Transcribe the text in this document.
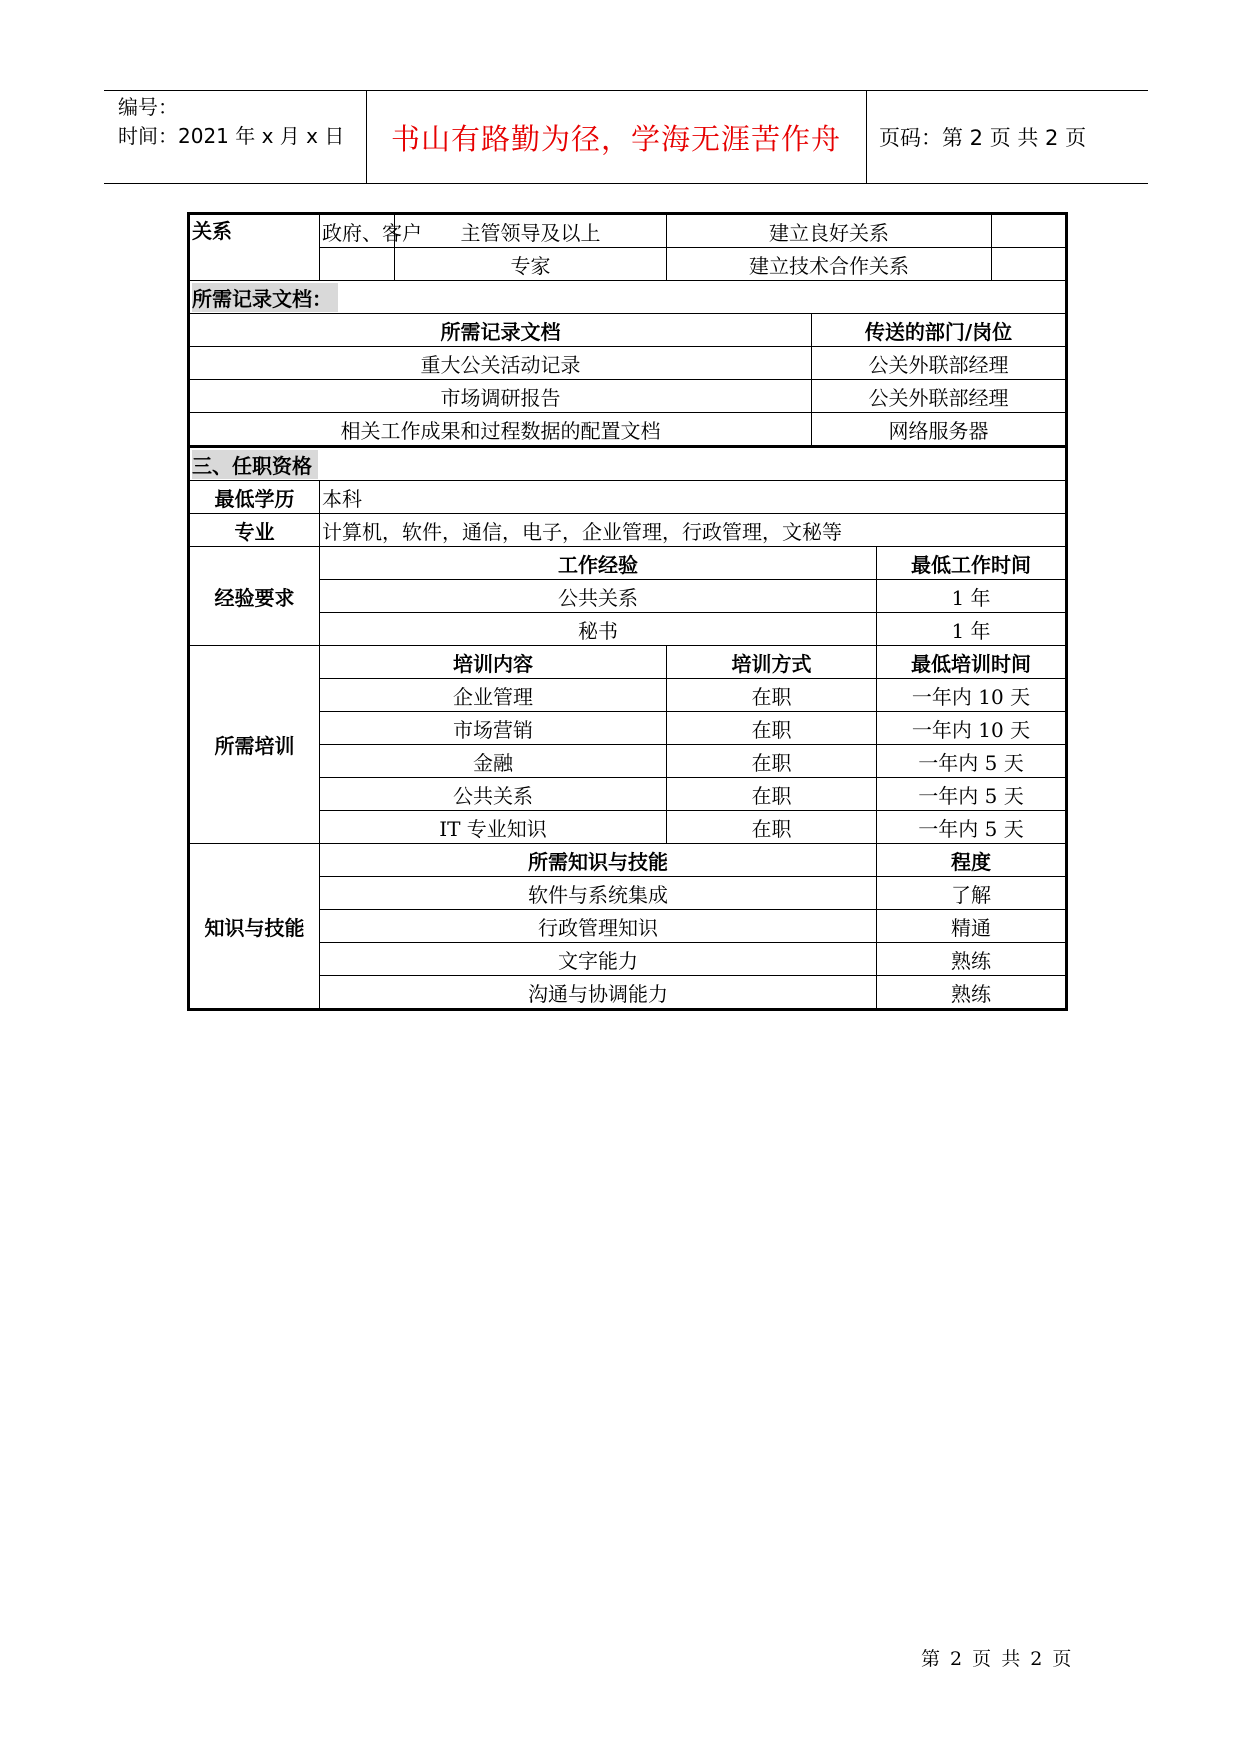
编号：
时间：2021 年 x 月 x 日	书山有路勤为径，学海无涯苦作舟	页码：第 2 页 共 2 页
关系	政府、客户	主管领导及以上	建立良好关系			
		专家	建立技术合作关系			
所需记录文档：						
所需记录文档				传送的部门/岗位		
重大公关活动记录				公关外联部经理		
市场调研报告				公关外联部经理		
相关工作成果和过程数据的配置文档				网络服务器		
三、任职资格						
最低学历	本科					
专业	计算机，软件，通信，电子，企业管理，行政管理，文秘等					
经验要求	工作经验				最低工作时间	
	公共关系				1 年	
	秘书				1 年	
所需培训	培训内容		培训方式		最低培训时间	
	企业管理		在职		一年内 10 天	
	市场营销		在职		一年内 10 天	
	金融		在职		一年内 5 天	
	公共关系		在职		一年内 5 天	
	IT 专业知识		在职		一年内 5 天	
知识与技能	所需知识与技能				程度	
	软件与系统集成				了解	
	行政管理知识				精通	
	文字能力				熟练	
	沟通与协调能力				熟练	
第 2 页 共 2 页
